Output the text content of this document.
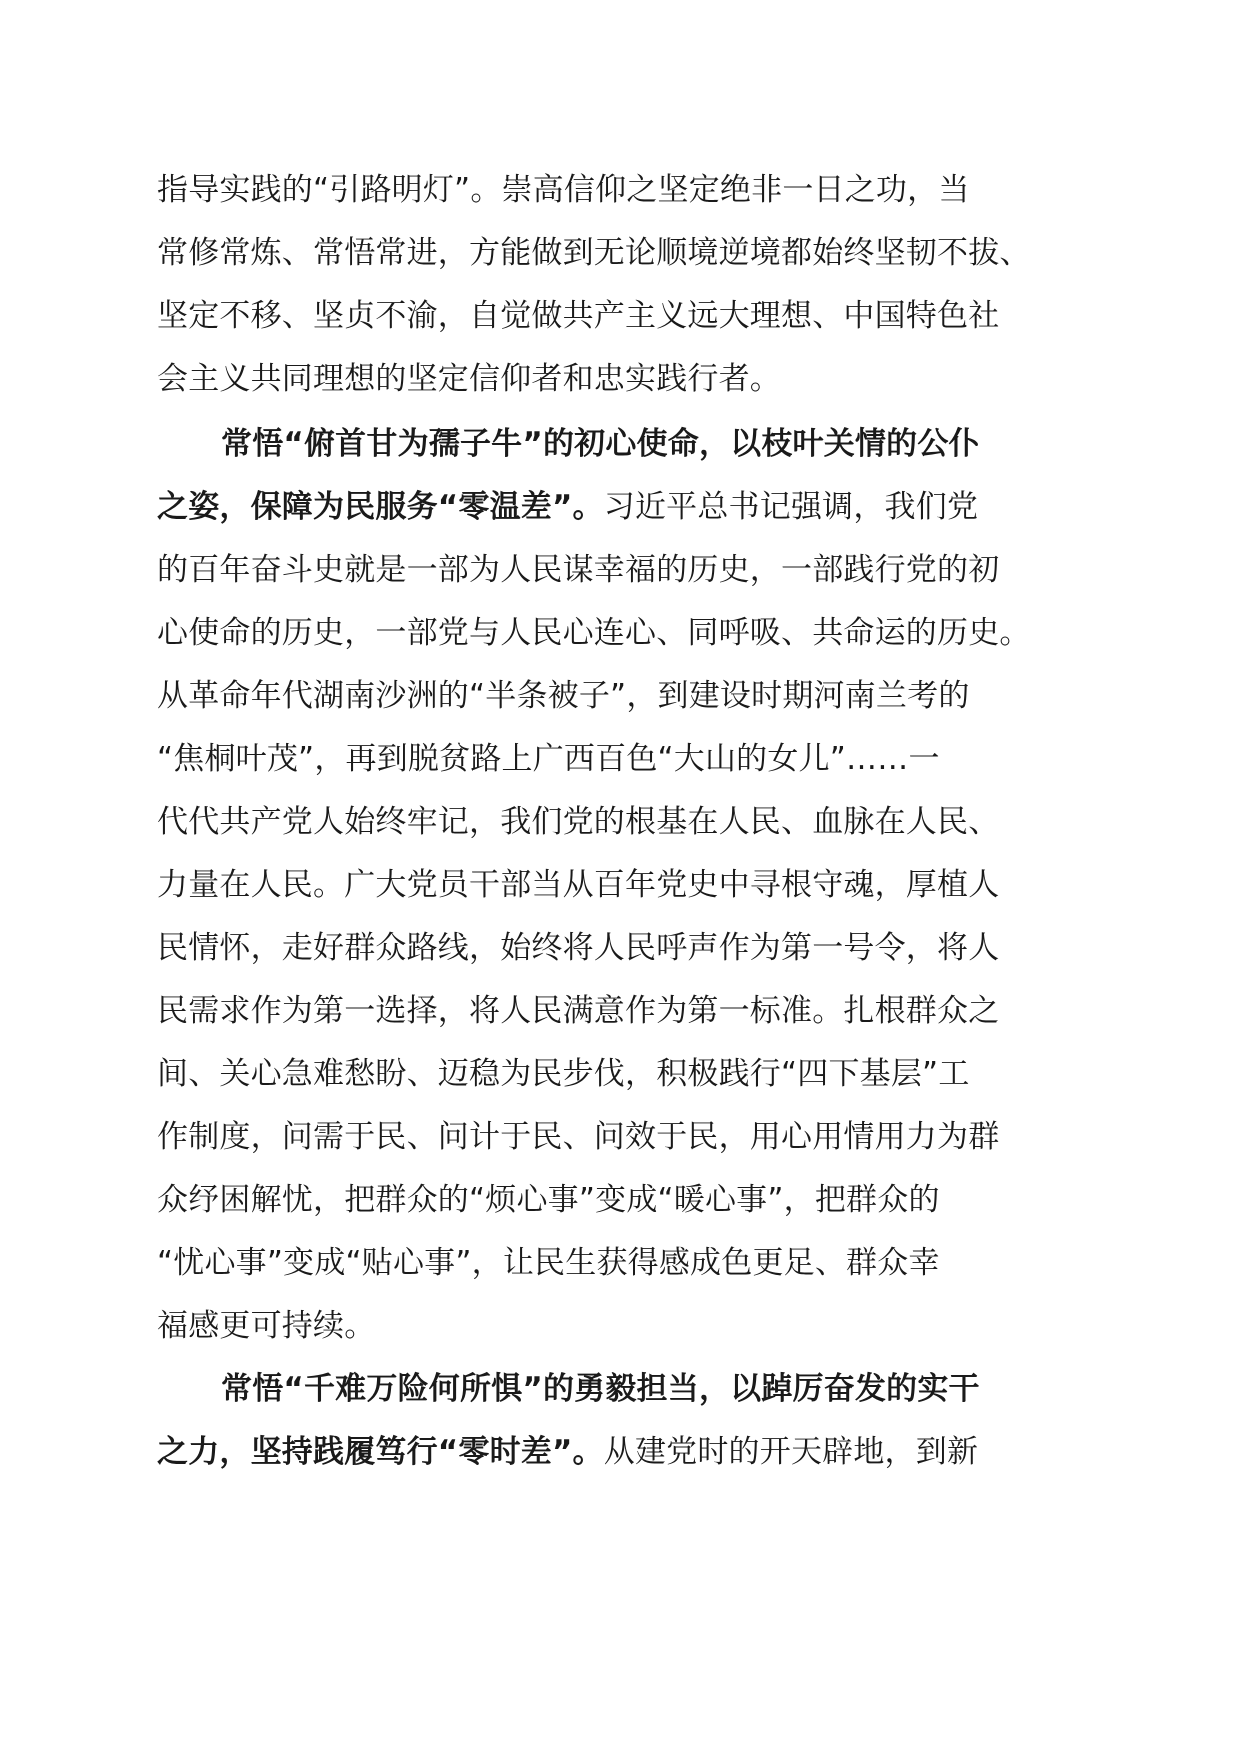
指导实践的“引路明灯”。崇高信仰之坚定绝非一日之功，当
常修常炼、常悟常进，方能做到无论顺境逆境都始终坚韧不拔、
坚定不移、坚贞不渝，自觉做共产主义远大理想、中国特色社
会主义共同理想的坚定信仰者和忠实践行者。
常悟“俯首甘为孺子牛”的初心使命，以枝叶关情的公仆
之姿，保障为民服务“零温差”。习近平总书记强调，我们党
的百年奋斗史就是一部为人民谋幸福的历史，一部践行党的初
心使命的历史，一部党与人民心连心、同呼吸、共命运的历史。
从革命年代湖南沙洲的“半条被子”，到建设时期河南兰考的
“焦桐叶茂”，再到脱贫路上广西百色“大山的女儿”……一
代代共产党人始终牢记，我们党的根基在人民、血脉在人民、
力量在人民。广大党员干部当从百年党史中寻根守魂，厚植人
民情怀，走好群众路线，始终将人民呼声作为第一号令，将人
民需求作为第一选择，将人民满意作为第一标准。扎根群众之
间、关心急难愁盼、迈稳为民步伐，积极践行“四下基层”工
作制度，问需于民、问计于民、问效于民，用心用情用力为群
众纾困解忧，把群众的“烦心事”变成“暖心事”，把群众的
“忧心事”变成“贴心事”，让民生获得感成色更足、群众幸
福感更可持续。
常悟“千难万险何所惧”的勇毅担当，以踔厉奋发的实干
之力，坚持践履笃行“零时差”。从建党时的开天辟地，到新
